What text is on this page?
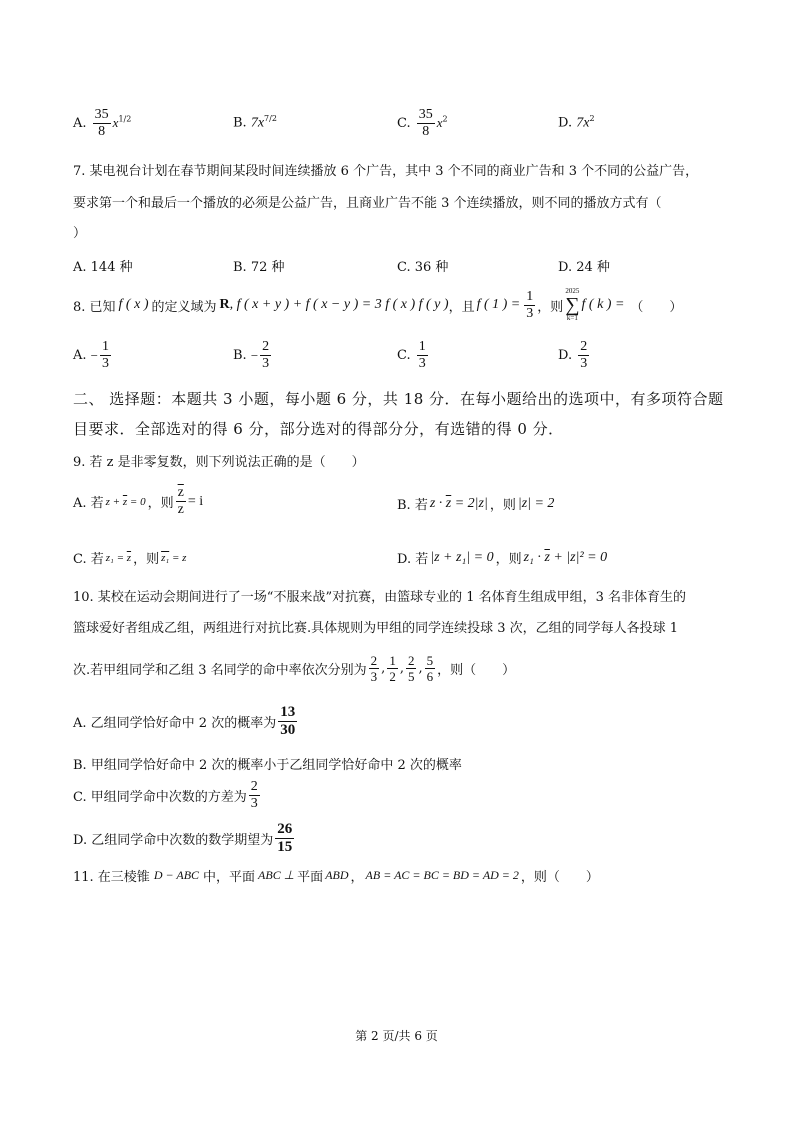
A. $\frac{35}{8} x^{1/2}$	B. $7x^{7/2}$	C. $\frac{35}{8} x^2$	D. $7x^2$
7. 某电视台计划在春节期间某段时间连续播放 6 个广告，其中 3 个不同的商业广告和 3 个不同的公益广告，
要求第一个和最后一个播放的必须是公益广告，且商业广告不能 3 个连续播放，则不同的播放方式有（
）
A. 144 种	B. 72 种	C. 36 种	D. 24 种
8. 已知 f ( x ) 的定义域为 R, f ( x + y ) + f ( x − y ) = 3 f ( x ) f ( y ) ，且 f ( 1 ) = $\frac{1}{3}$ ，则
2025
∑
k=1
f ( k ) = （　　）
A.
− $\frac{1}{3}$	B.
− $\frac{2}{3}$	C.
$\frac{1}{3}$	D.
$\frac{2}{3}$
二、 选择题：本题共 3 小题，每小题 6 分，共 18 分．在每小题给出的选项中，有多项符合题
目要求．全部选对的得 6 分，部分选对的得部分分，有选错的得 0 分．
9. 若 z 是非零复数，则下列说法正确的是（　　）
A. 若 $z + \overline{z} = 0$ ，则 $\frac{\overline{z}}{z} = i$	B. 若 $z \cdot \overline{z} = 2|z|$ ，则 |z| = 2
C. 若 $z_1 = \overline{z}$ ，则 z₁ = z	D. 若 |z + z₁| = 0 ，则 $z_1 \cdot \overline{z} + |z|^2 = 0$
10. 某校在运动会期间进行了一场“不服来战”对抗赛，由篮球专业的 1 名体育生组成甲组，3 名非体育生的
篮球爱好者组成乙组，两组进行对抗比赛.具体规则为甲组的同学连续投球 3 次，乙组的同学每人各投球 1
次.若甲组同学和乙组 3 名同学的命中率依次分别为 $\frac{2}{3}$ , $\frac{1}{2}$ , $\frac{2}{5}$ , $\frac{5}{6}$ ，则（　　）
A. 乙组同学恰好命中 2 次的概率为 $\frac{13}{30}$
B. 甲组同学恰好命中 2 次的概率小于乙组同学恰好命中 2 次的概率
C. 甲组同学命中次数的方差为 $\frac{2}{3}$
D. 乙组同学命中次数的数学期望为 $\frac{26}{15}$
11. 在三棱锥 D − ABC 中，平面 ABC ⊥ 平面 ABD ， AB = AC = BC = BD = AD = 2 ，则（　　）
第 2 页/共 6 页
